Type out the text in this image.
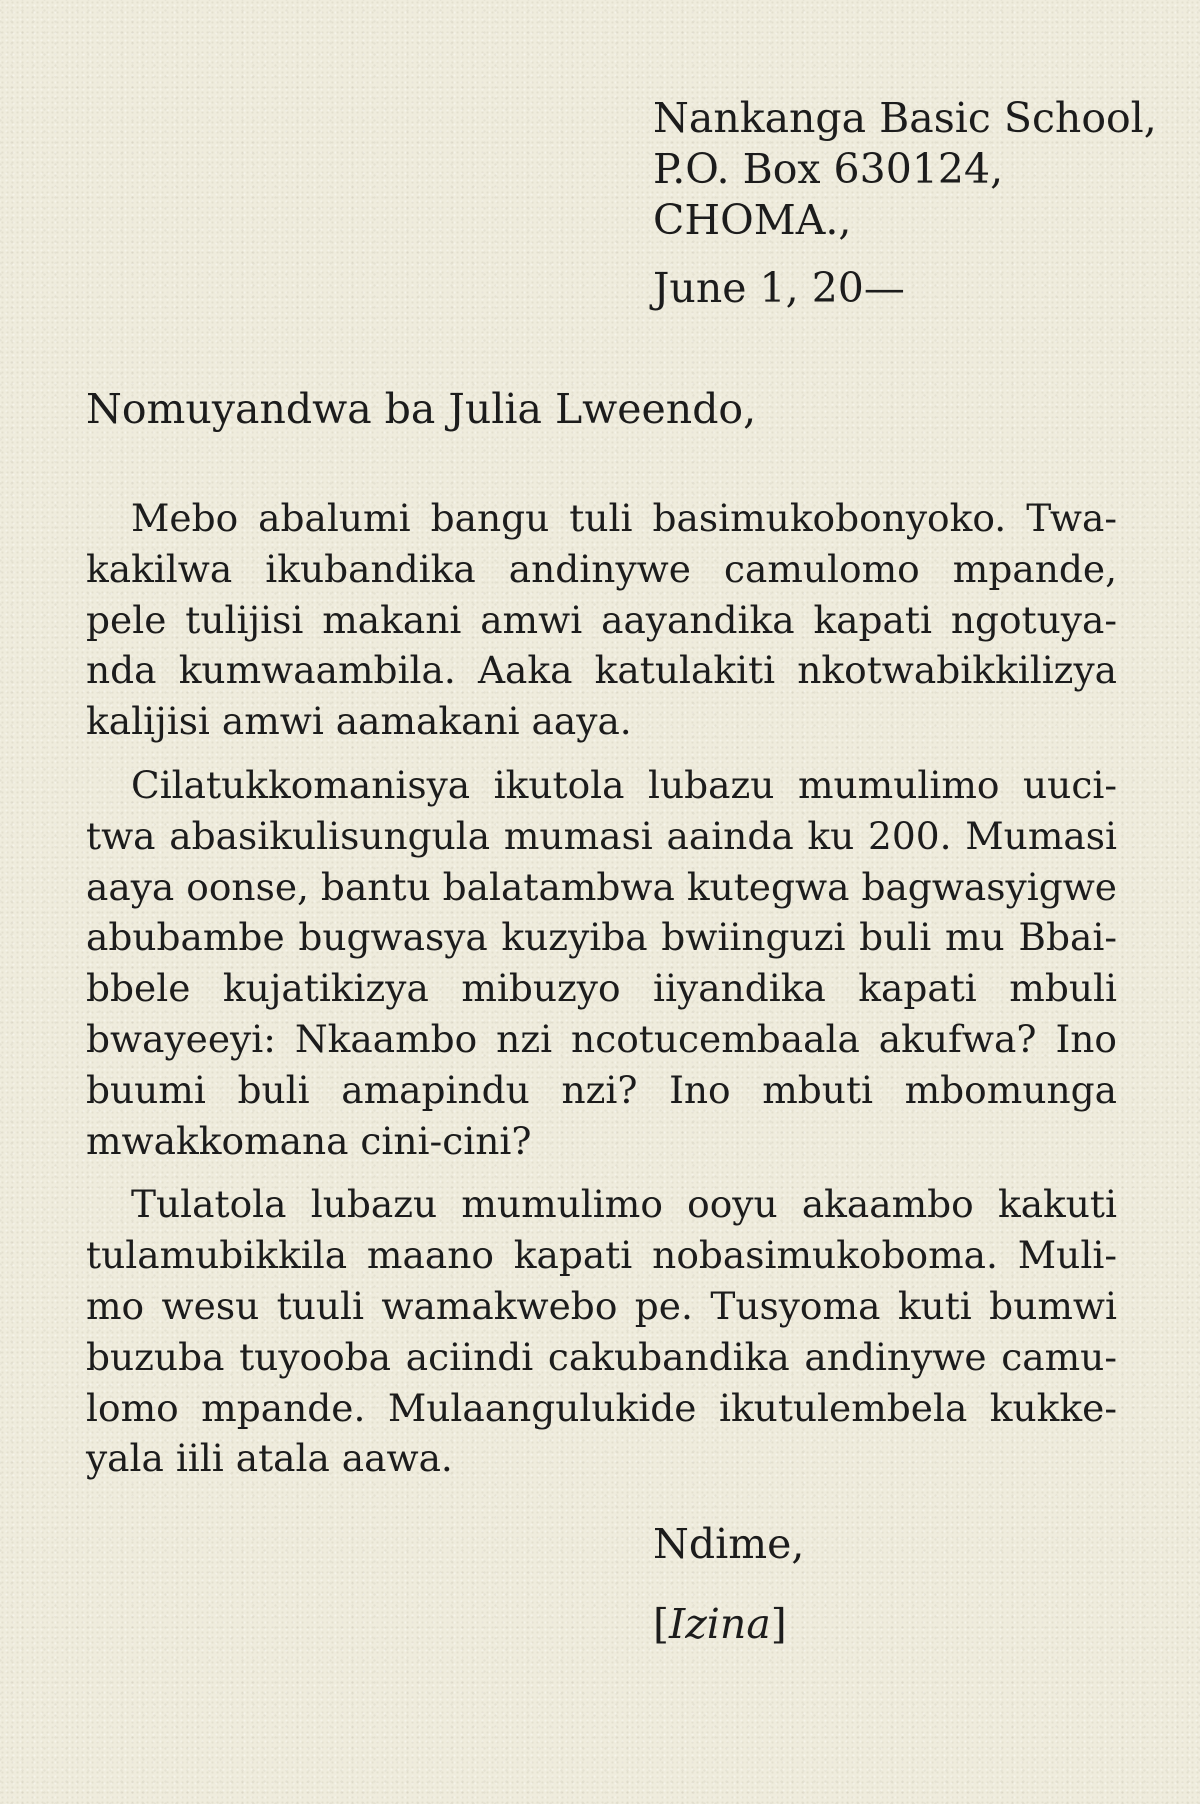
Nankanga Basic School,
P.O. Box 630124,
CHOMA.,
June 1, 20—
Nomuyandwa ba Julia Lweendo,

Mebo abalumi bangu tuli basimukobonyoko. Twakakilwa ikubandika andinywe camulomo mpande, pele tulijisi makani amwi aayandika kapati ngotuyanda kumwaambila. Aaka katulakiti nkotwabikkilizya kalijisi amwi aamakani aaya.

Cilatukkomanisya ikutola lubazu mumulimo uucitwa abasikulisungula mumasi aainda ku 200. Mumasi aaya oonse, bantu balatambwa kutegwa bagwasyigwe abubambe bugwasya kuzyiba bwiinguzi buli mu Bbaibbele kujatikizya mibuzyo iiyandika kapati mbuli bwayeeyi: Nkaambo nzi ncotucembaala akufwa? Ino buumi buli amapindu nzi? Ino mbuti mbomunga mwakkomana cini-cini?

Tulatola lubazu mumulimo ooyu akaambo kakuti tulamubikkila maano kapati nobasimukoboma. Mulimo wesu tuuli wamakwebo pe. Tusyoma kuti bumwi buzuba tuyooba aciindi cakubandika andinywe camulomo mpande. Mulaangulukide ikutulembela kukkeyala iili atala aawa.

Ndime,
[Izina]
